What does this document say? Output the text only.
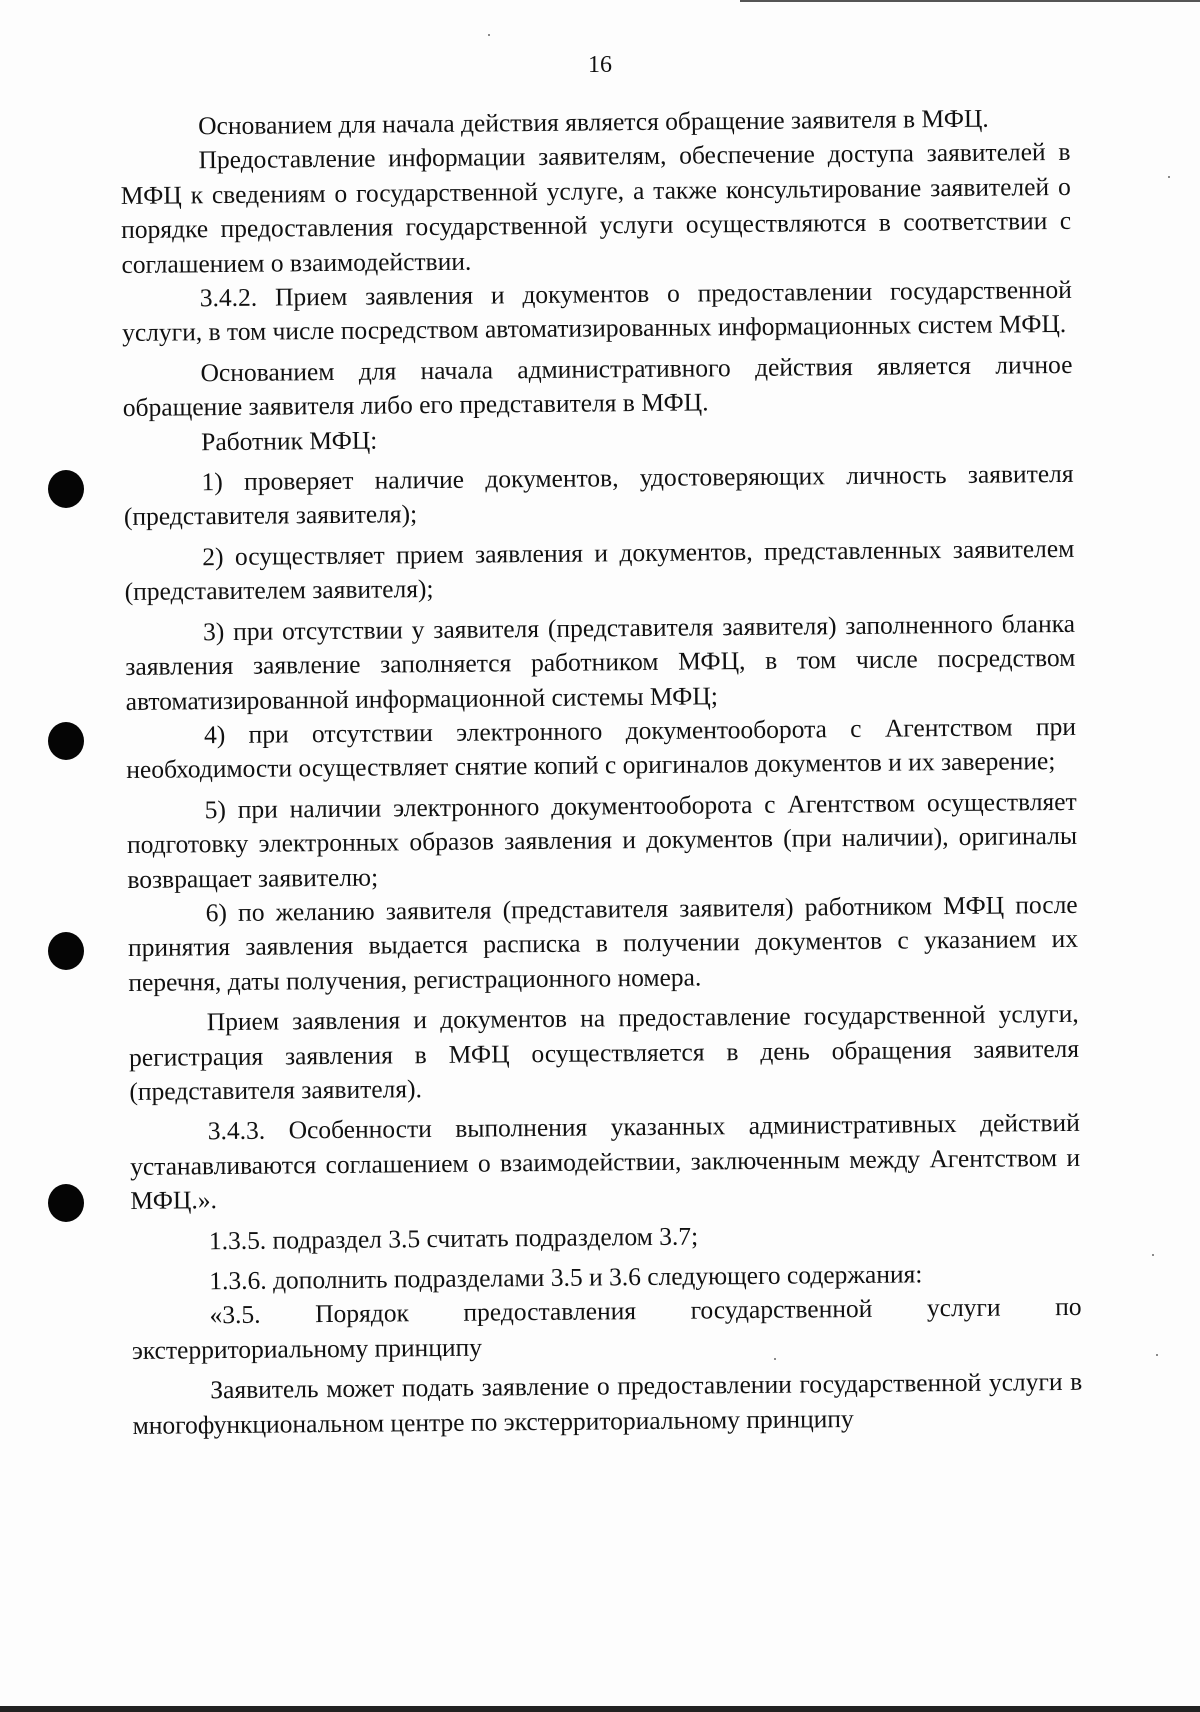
16

Основанием для начала действия является обращение заявителя в МФЦ.

Предоставление информации заявителям, обеспечение доступа заявителей в МФЦ к сведениям о государственной услуге, а также консультирование заявителей о порядке предоставления государственной услуги осуществляются в соответствии с соглашением о взаимодействии.

3.4.2. Прием заявления и документов о предоставлении государственной услуги, в том числе посредством автоматизированных информационных систем МФЦ.

Основанием для начала административного действия является личное обращение заявителя либо его представителя в МФЦ.

Работник МФЦ:

1) проверяет наличие документов, удостоверяющих личность заявителя (представителя заявителя);

2) осуществляет прием заявления и документов, представленных заявителем (представителем заявителя);

3) при отсутствии у заявителя (представителя заявителя) заполненного бланка заявления заявление заполняется работником МФЦ, в том числе посредством автоматизированной информационной системы МФЦ;

4) при отсутствии электронного документооборота с Агентством при необходимости осуществляет снятие копий с оригиналов документов и их заверение;

5) при наличии электронного документооборота с Агентством осуществляет подготовку электронных образов заявления и документов (при наличии), оригиналы возвращает заявителю;

6) по желанию заявителя (представителя заявителя) работником МФЦ после принятия заявления выдается расписка в получении документов с указанием их перечня, даты получения, регистрационного номера.

Прием заявления и документов на предоставление государственной услуги, регистрация заявления в МФЦ осуществляется в день обращения заявителя (представителя заявителя).

3.4.3. Особенности выполнения указанных административных действий устанавливаются соглашением о взаимодействии, заключенным между Агентством и МФЦ.».

1.3.5. подраздел 3.5 считать подразделом 3.7;

1.3.6. дополнить подразделами 3.5 и 3.6 следующего содержания:

«3.5. Порядок предоставления государственной услуги по экстерриториальному принципу

Заявитель может подать заявление о предоставлении государственной услуги в многофункциональном центре по экстерриториальному принципу
